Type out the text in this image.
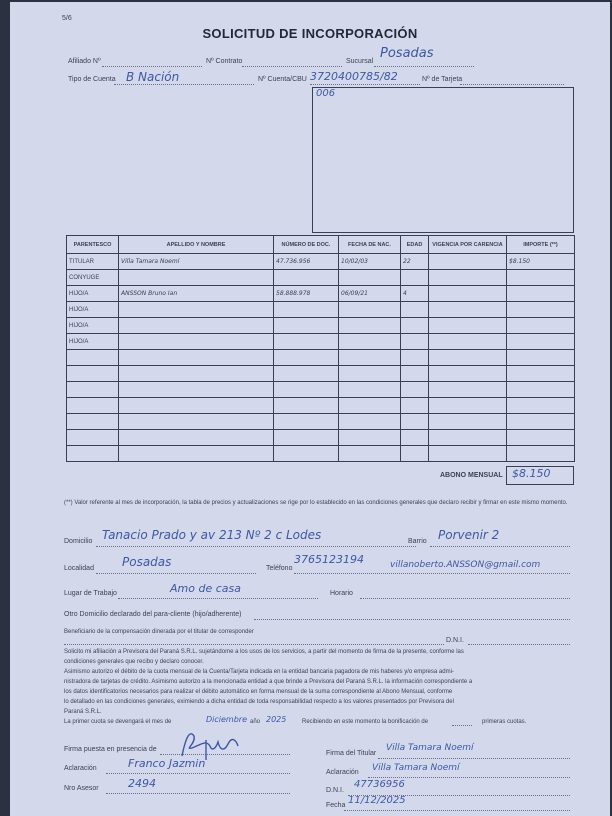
5/6
SOLICITUD DE INCORPORACIÓN
Afiliado Nº	Nº Contrato	Sucursal
Posadas
Tipo de Cuenta B Nación	Nº Cuenta/CBU 3720400785/82	Nº de Tarjeta
006
PARENTESCO	APELLIDO Y NOMBRE	NÚMERO DE DOC.	FECHA DE NAC.	EDAD	VIGENCIA POR CARENCIA	IMPORTE (**)
TITULAR	Villa Tamara Noemí	47.736.956	10/02/03	22		$8.150
CONYUGE						
HIJO/A	ANSSON Bruno Ian	58.888.978	06/09/21	4		
HIJO/A						
HIJO/A						
HIJO/A						

ABONO MENSUAL $8.150
(**) Valor referente al mes de incorporación, la tabla de precios y actualizaciones se rige por lo establecido en las condiciones generales que declaro recibir y firmar en este mismo momento.
Domicilio Tanacio Prado y av 213 Nº 2 c Lodes	Barrio Porvenir 2
Localidad Posadas	Teléfono
3765123194	villanoberto.ANSSON@gmail.com
Lugar de Trabajo	Amo de casa	Horario
Otro Domicilio declarado del para-cliente (hijo/adherente)
Beneficiario de la compensación dinerada por el titular de corresponder
D.N.I.
Solicito mi afiliación a Previsora del Paraná S.R.L. sujetándome a los usos de los servicios, a partir del momento de firma de la presente, conforme las
condiciones generales que recibo y declaro conocer.
Asimismo autorizo el débito de la cuota mensual de la Cuenta/Tarjeta indicada en la entidad bancaria pagadora de mis haberes y/o empresa admi-
nistradora de tarjetas de crédito. Asimismo autorizo a la mencionada entidad a que brinde a Previsora del Paraná S.R.L. la información correspondiente a
los datos identificatorios necesarios para realizar el débito automático en forma mensual de la suma correspondiente al Abono Mensual, conforme
lo detallado en las condiciones generales, eximiendo a dicha entidad de toda responsabilidad respecto a los valores presentados por Previsora del
Paraná S.R.L.
La primer cuota se devengará el mes de	Diciembre año 2025	Recibiendo en este momento la bonificación de	primeras cuotas.
Firma puesta en presencia de
Aclaración	Franco Jazmin
Nro Asesor	2494
Firma del Titular
Villa Tamara Noemí
Aclaración Villa Tamara Noemí
D.N.I.
47736956
Fecha 11/12/2025
